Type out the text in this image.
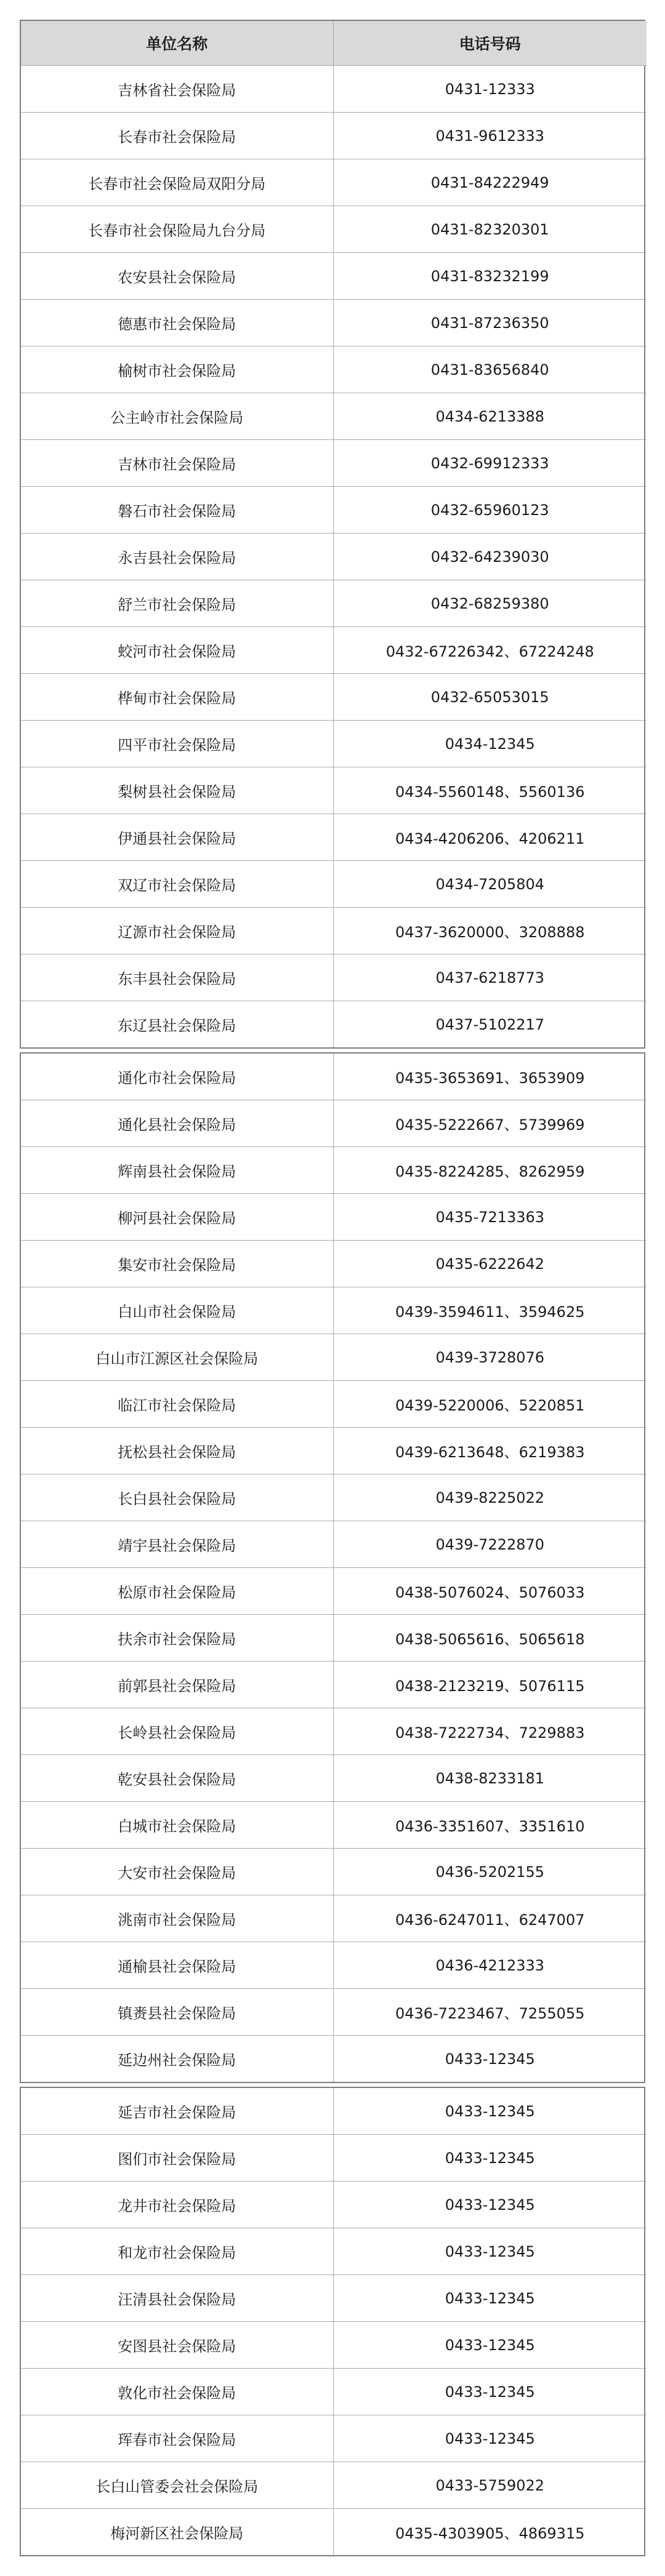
单位名称	电话号码
吉林省社会保险局	0431-12333
长春市社会保险局	0431-9612333
长春市社会保险局双阳分局	0431-84222949
长春市社会保险局九台分局	0431-82320301
农安县社会保险局	0431-83232199
德惠市社会保险局	0431-87236350
榆树市社会保险局	0431-83656840
公主岭市社会保险局	0434-6213388
吉林市社会保险局	0432-69912333
磐石市社会保险局	0432-65960123
永吉县社会保险局	0432-64239030
舒兰市社会保险局	0432-68259380
蛟河市社会保险局	0432-67226342、67224248
桦甸市社会保险局	0432-65053015
四平市社会保险局	0434-12345
梨树县社会保险局	0434-5560148、5560136
伊通县社会保险局	0434-4206206、4206211
双辽市社会保险局	0434-7205804
辽源市社会保险局	0437-3620000、3208888
东丰县社会保险局	0437-6218773
东辽县社会保险局	0437-5102217
通化市社会保险局	0435-3653691、3653909
通化县社会保险局	0435-5222667、5739969
辉南县社会保险局	0435-8224285、8262959
柳河县社会保险局	0435-7213363
集安市社会保险局	0435-6222642
白山市社会保险局	0439-3594611、3594625
白山市江源区社会保险局	0439-3728076
临江市社会保险局	0439-5220006、5220851
抚松县社会保险局	0439-6213648、6219383
长白县社会保险局	0439-8225022
靖宇县社会保险局	0439-7222870
松原市社会保险局	0438-5076024、5076033
扶余市社会保险局	0438-5065616、5065618
前郭县社会保险局	0438-2123219、5076115
长岭县社会保险局	0438-7222734、7229883
乾安县社会保险局	0438-8233181
白城市社会保险局	0436-3351607、3351610
大安市社会保险局	0436-5202155
洮南市社会保险局	0436-6247011、6247007
通榆县社会保险局	0436-4212333
镇赉县社会保险局	0436-7223467、7255055
延边州社会保险局	0433-12345
延吉市社会保险局	0433-12345
图们市社会保险局	0433-12345
龙井市社会保险局	0433-12345
和龙市社会保险局	0433-12345
汪清县社会保险局	0433-12345
安图县社会保险局	0433-12345
敦化市社会保险局	0433-12345
珲春市社会保险局	0433-12345
长白山管委会社会保险局	0433-5759022
梅河新区社会保险局	0435-4303905、4869315
